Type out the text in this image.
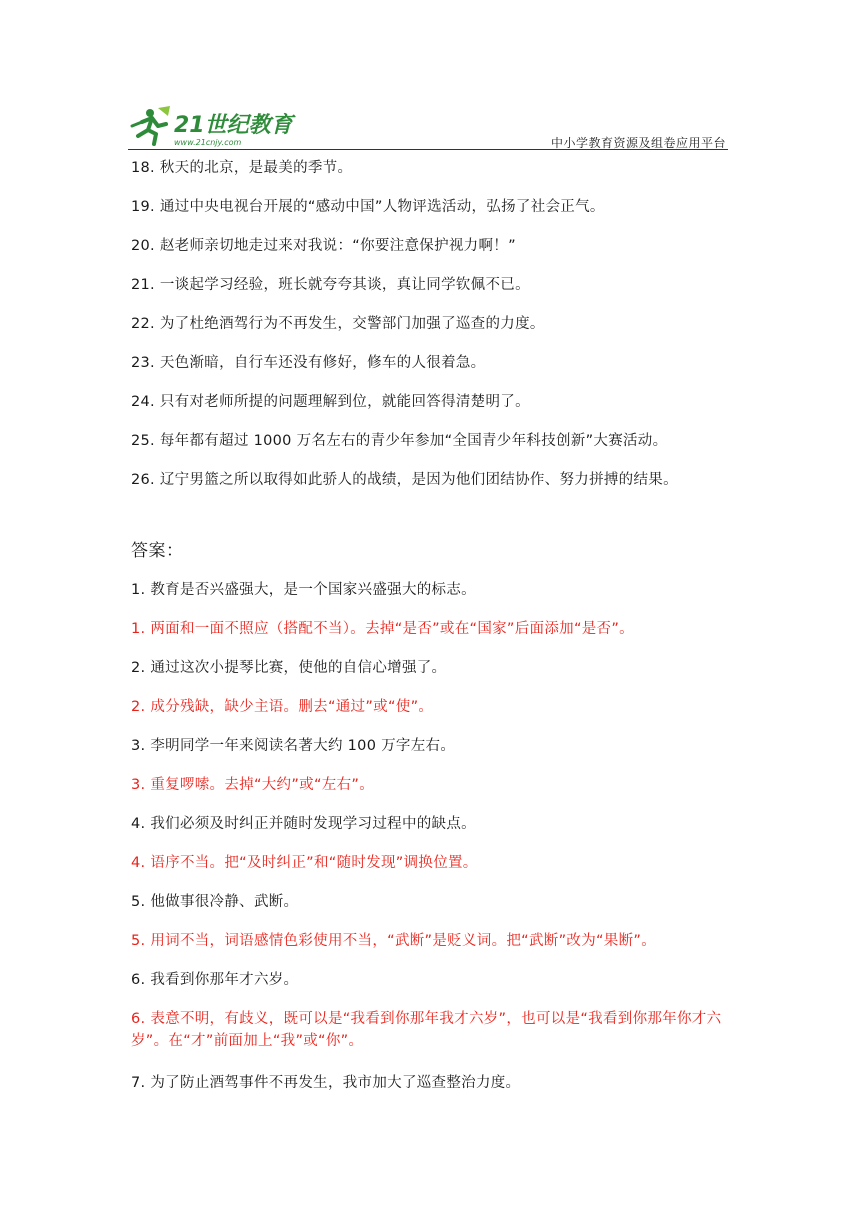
21世纪教育
www.21cnjy.com	中小学教育资源及组卷应用平台
18. 秋天的北京，是最美的季节。
19. 通过中央电视台开展的“感动中国”人物评选活动，弘扬了社会正气。
20. 赵老师亲切地走过来对我说：“你要注意保护视力啊！”
21. 一谈起学习经验，班长就夸夸其谈，真让同学钦佩不已。
22. 为了杜绝酒驾行为不再发生，交警部门加强了巡查的力度。
23. 天色渐暗，自行车还没有修好，修车的人很着急。
24. 只有对老师所提的问题理解到位，就能回答得清楚明了。
25. 每年都有超过 1000 万名左右的青少年参加“全国青少年科技创新”大赛活动。
26. 辽宁男篮之所以取得如此骄人的战绩，是因为他们团结协作、努力拼搏的结果。
答案：
1. 教育是否兴盛强大，是一个国家兴盛强大的标志。
1. 两面和一面不照应（搭配不当）。去掉“是否”或在“国家”后面添加“是否”。
2. 通过这次小提琴比赛，使他的自信心增强了。
2. 成分残缺，缺少主语。删去“通过”或“使”。
3. 李明同学一年来阅读名著大约 100 万字左右。
3. 重复啰嗦。去掉“大约”或“左右”。
4. 我们必须及时纠正并随时发现学习过程中的缺点。
4. 语序不当。把“及时纠正”和“随时发现”调换位置。
5. 他做事很冷静、武断。
5. 用词不当，词语感情色彩使用不当，“武断”是贬义词。把“武断”改为“果断”。
6. 我看到你那年才六岁。
6. 表意不明，有歧义，既可以是“我看到你那年我才六岁”，也可以是“我看到你那年你才六岁”。在“才”前面加上“我”或“你”。
7. 为了防止酒驾事件不再发生，我市加大了巡查整治力度。
